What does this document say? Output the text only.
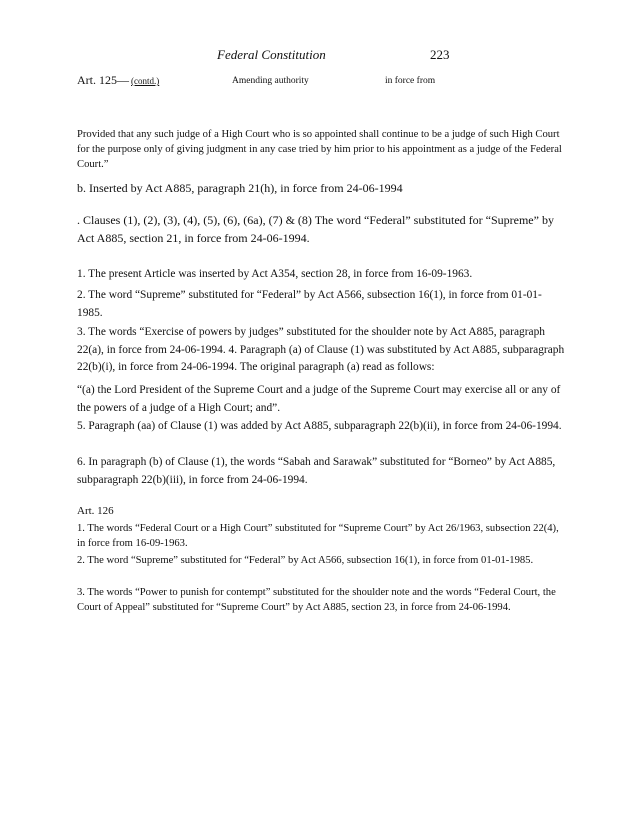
Federal Constitution	223
Art. 125— (contd.)	Amending authority	in force from

Provided that any such judge of a High Court who is so appointed shall continue to be a judge of such High Court for the purpose only of giving judgment in any case tried by him prior to his appointment as a judge of the Federal Court.”

b. Inserted by Act A885, paragraph 21(h), in force from 24-06-1994

. Clauses (1), (2), (3), (4), (5), (6), (6a), (7) & (8) The word “Federal” substituted for “Supreme” by Act A885, section 21, in force from 24-06-1994.

1. The present Article was inserted by Act A354, section 28, in force from 16-09-1963.

2. The word “Supreme” substituted for “Federal” by Act A566, subsection 16(1), in force from 01-01-1985.

3. The words “Exercise of powers by judges” substituted for the shoulder note by Act A885, paragraph 22(a), in force from 24-06-1994. 4. Paragraph (a) of Clause (1) was substituted by Act A885, subparagraph 22(b)(i), in force from 24-06-1994. The original paragraph (a) read as follows:

“(a) the Lord President of the Supreme Court and a judge of the Supreme Court may exercise all or any of the powers of a judge of a High Court; and”.

5. Paragraph (aa) of Clause (1) was added by Act A885, subparagraph 22(b)(ii), in force from 24-06-1994.

6. In paragraph (b) of Clause (1), the words “Sabah and Sarawak” substituted for “Borneo” by Act A885, subparagraph 22(b)(iii), in force from 24-06-1994.

Art. 126

1. The words “Federal Court or a High Court” substituted for “Supreme Court” by Act 26/1963, subsection 22(4), in force from 16-09-1963.

2. The word “Supreme” substituted for “Federal” by Act A566, subsection 16(1), in force from 01-01-1985.

3. The words “Power to punish for contempt” substituted for the shoulder note and the words “Federal Court, the Court of Appeal” substituted for “Supreme Court” by Act A885, section 23, in force from 24-06-1994.
